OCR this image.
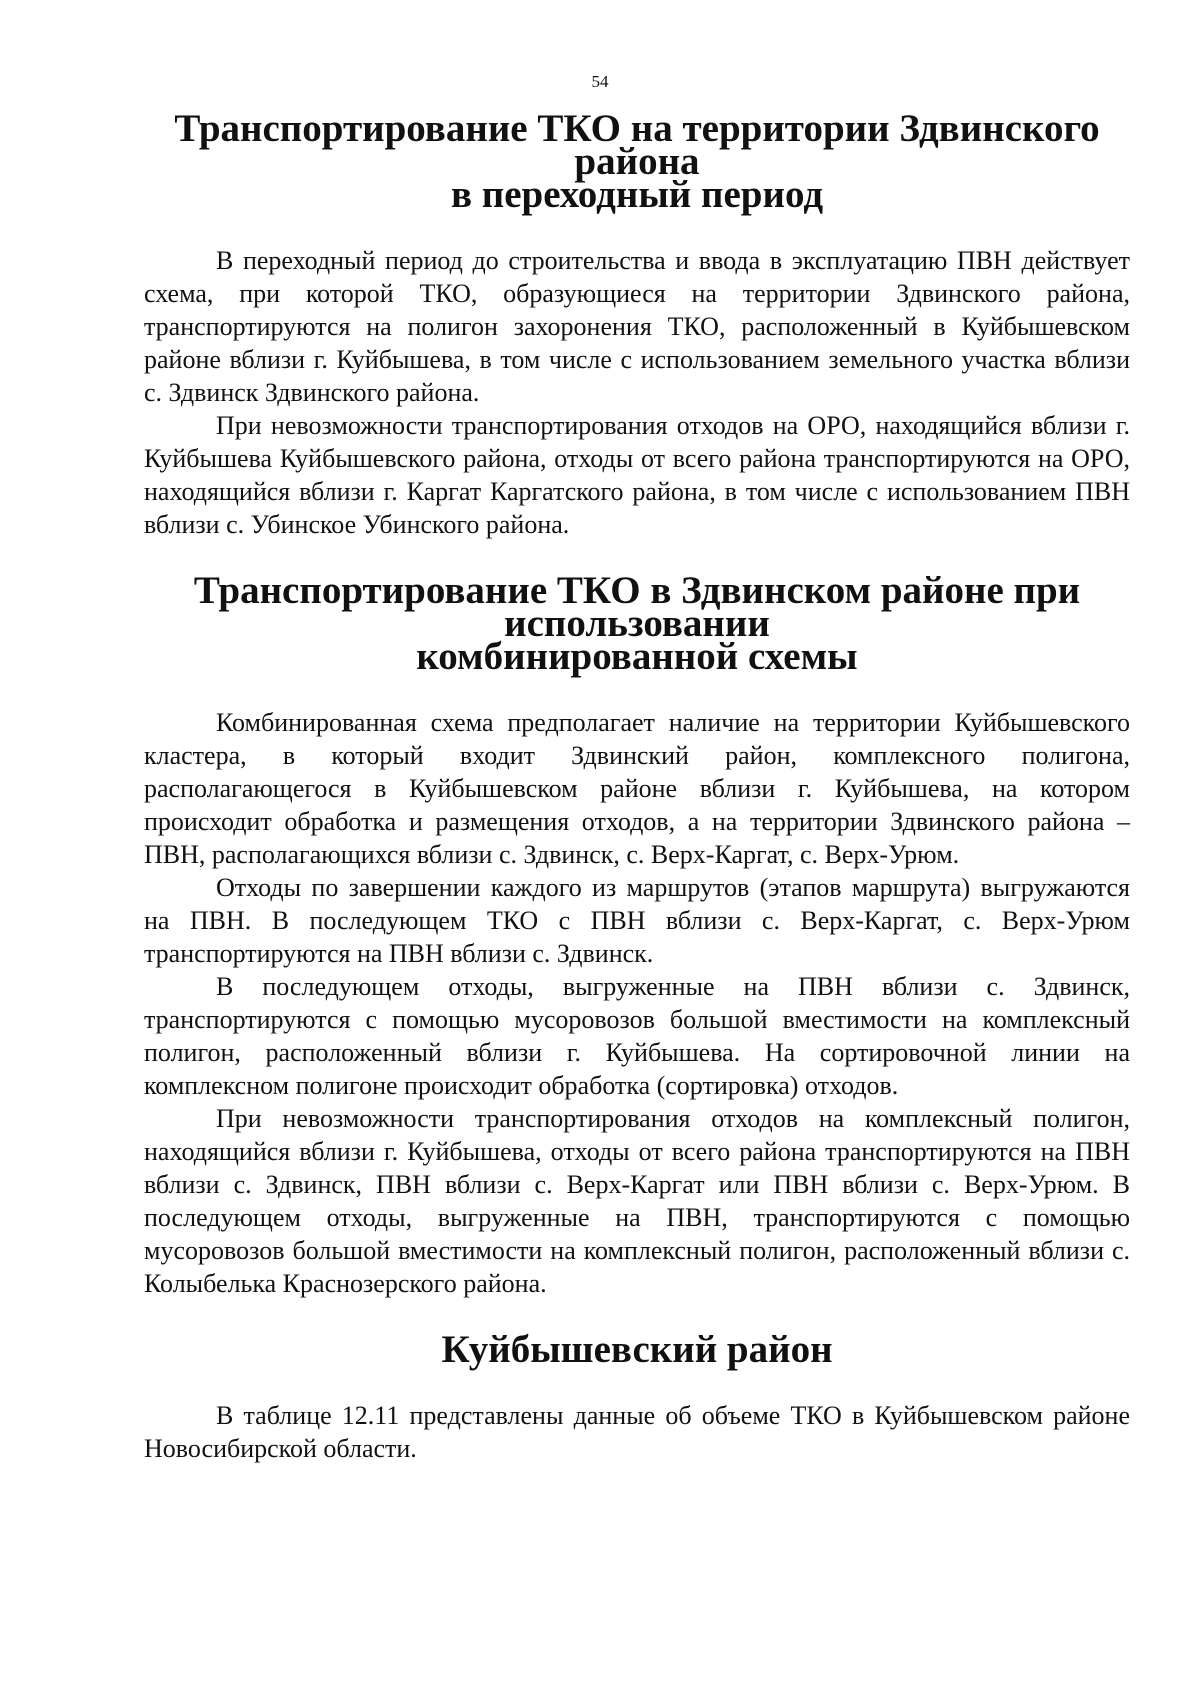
54
Транспортирование ТКО на территории Здвинского района
в переходный период

В переходный период до строительства и ввода в эксплуатацию ПВН действует схема, при которой ТКО, образующиеся на территории Здвинского района, транспортируются на полигон захоронения ТКО, расположенный в Куйбышевском районе вблизи г. Куйбышева, в том числе с использованием земельного участка вблизи с. Здвинск Здвинского района.

При невозможности транспортирования отходов на ОРО, находящийся вблизи г. Куйбышева Куйбышевского района, отходы от всего района транспортируются на ОРО, находящийся вблизи г. Каргат Каргатского района, в том числе с использованием ПВН вблизи с. Убинское Убинского района.

Транспортирование ТКО в Здвинском районе при использовании
комбинированной схемы

Комбинированная схема предполагает наличие на территории Куйбышевского кластера, в который входит Здвинский район, комплексного полигона, располагающегося в Куйбышевском районе вблизи г. Куйбышева, на котором происходит обработка и размещения отходов, а на территории Здвинского района – ПВН, располагающихся вблизи с. Здвинск, с. Верх-Каргат, с. Верх-Урюм.

Отходы по завершении каждого из маршрутов (этапов маршрута) выгружаются на ПВН. В последующем ТКО с ПВН вблизи с. Верх-Каргат, с. Верх-Урюм транспортируются на ПВН вблизи с. Здвинск.

В последующем отходы, выгруженные на ПВН вблизи с. Здвинск, транспортируются с помощью мусоровозов большой вместимости на комплексный полигон, расположенный вблизи г. Куйбышева. На сортировочной линии на комплексном полигоне происходит обработка (сортировка) отходов.

При невозможности транспортирования отходов на комплексный полигон, находящийся вблизи г. Куйбышева, отходы от всего района транспортируются на ПВН вблизи с. Здвинск, ПВН вблизи с. Верх-Каргат или ПВН вблизи с. Верх-Урюм. В последующем отходы, выгруженные на ПВН, транспортируются с помощью мусоровозов большой вместимости на комплексный полигон, расположенный вблизи с. Колыбелька Краснозерского района.

Куйбышевский район

В таблице 12.11 представлены данные об объеме ТКО в Куйбышевском районе Новосибирской области.
